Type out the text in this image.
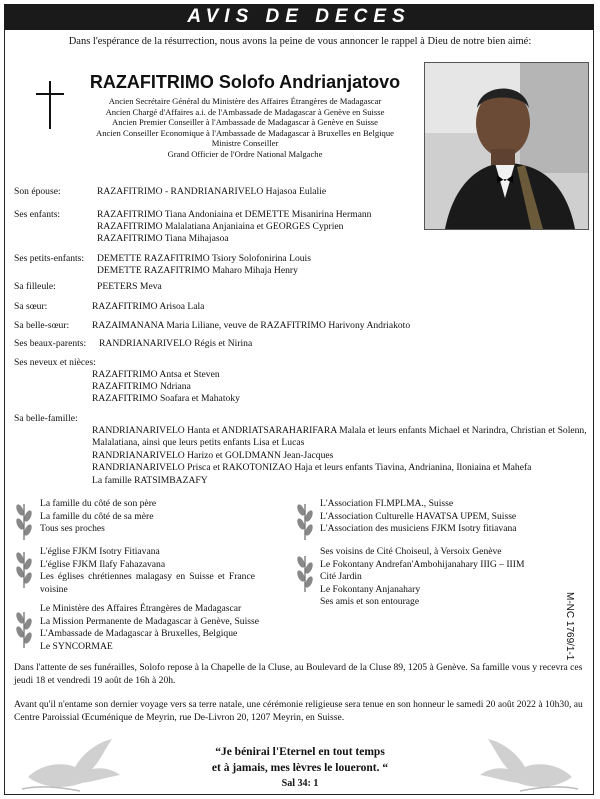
AVIS DE DECES
Dans l'espérance de la résurrection, nous avons la peine de vous annoncer le rappel à Dieu de notre bien aimé:
RAZAFITRIMO Solofo Andrianjatovo
Ancien Secrétaire Général du Ministère des Affaires Étrangères de Madagascar
Ancien Chargé d'Affaires a.i. de l'Ambassade de Madagascar à Genève en Suisse
Ancien Premier Conseiller à l'Ambassade de Madagascar à Genève en Suisse
Ancien Conseiller Economique à l'Ambassade de Madagascar à Bruxelles en Belgique
Ministre Conseiller
Grand Officier de l'Ordre National Malgache
Son épouse:	RAZAFITRIMO - RANDRIANARIVELO Hajasoa Eulalie
Ses enfants:	RAZAFITRIMO Tiana Andoniaina et DEMETTE Misanirina Hermann
RAZAFITRIMO Malalatiana Anjaniaina et GEORGES Cyprien
RAZAFITRIMO Tiana Mihajasoa
Ses petits-enfants: DEMETTE RAZAFITRIMO Tsiory Solofonirina Louis
DEMETTE RAZAFITRIMO Maharo Mihaja Henry
Sa filleule:	PEETERS Meva
Sa sœur:	RAZAFITRIMO Arisoa Lala
Sa belle-sœur: RAZAIMANANA Maria Liliane, veuve de RAZAFITRIMO Harivony Andriakoto
Ses beaux-parents: RANDRIANARIVELO Régis et Nirina
Ses neveux et nièces:
RAZAFITRIMO Antsa et Steven
RAZAFITRIMO Ndriana
RAZAFITRIMO Soafara et Mahatoky
Sa belle-famille:
RANDRIANARIVELO Hanta et ANDRIATSARAHARIFARA Malala et leurs enfants Michael et Narindra, Christian et Solenn, Malalatiana, ainsi que leurs petits enfants Lisa et Lucas
RANDRIANARIVELO Harizo et GOLDMANN Jean-Jacques
RANDRIANARIVELO Prisca et RAKOTONIZAO Haja et leurs enfants Tiavina, Andrianina, Iloniaina et Mahefa
La famille RATSIMBAZAFY
La famille du côté de son père
La famille du côté de sa mère
Tous ses proches
L'église FJKM Isotry Fitiavana
L'église FJKM Ilafy Fahazavana
Les églises chrétiennes malagasy en Suisse et France voisine
Le Ministère des Affaires Étrangères de Madagascar
La Mission Permanente de Madagascar à Genève, Suisse
L'Ambassade de Madagascar à Bruxelles, Belgique
Le SYNCORMAE
L'Association FI.MPLMA., Suisse
L'Association Culturelle HAVATSA UPEM, Suisse
L'Association des musiciens FJKM Isotry fitiavana
Ses voisins de Cité Choiseul, à Versoix Genève
Le Fokontany Andrefan'Ambohijanahary IIIG – IIIM
Cité Jardin
Le Fokontany Anjanahary
Ses amis et son entourage	M-NC 1769/1-1
Dans l'attente de ses funérailles, Solofo repose à la Chapelle de la Cluse, au Boulevard de la Cluse 89, 1205 à Genève. Sa famille vous y recevra ces jeudi 18 et vendredi 19 août de 16h à 20h.
Avant qu'il n'entame son dernier voyage vers sa terre natale, une cérémonie religieuse sera tenue en son honneur le samedi 20 août 2022 à 10h30, au Centre Paroissial Œcuménique de Meyrin, rue De-Livron 20, 1207 Meyrin, en Suisse.
“Je bénirai l'Eternel en tout temps
et à jamais, mes lèvres le loueront. “
Sal 34: 1
